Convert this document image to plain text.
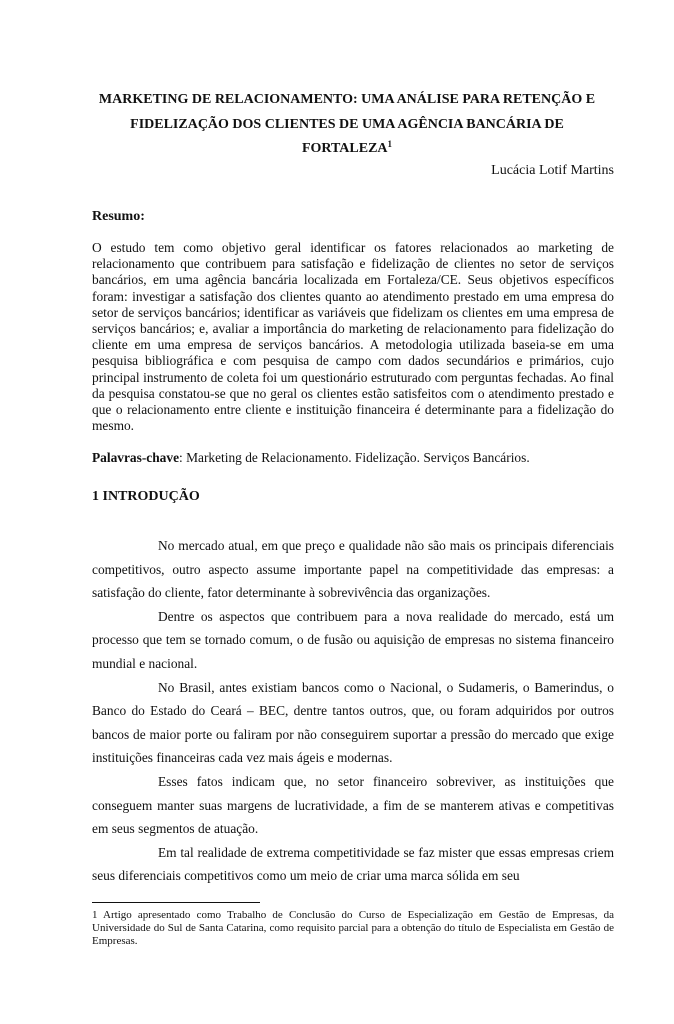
MARKETING DE RELACIONAMENTO: UMA ANÁLISE PARA RETENÇÃO E
FIDELIZAÇÃO DOS CLIENTES DE UMA AGÊNCIA BANCÁRIA DE
FORTALEZA$^1$
Lucácia Lotif Martins
Resumo:
O estudo tem como objetivo geral identificar os fatores relacionados ao marketing de relacionamento que contribuem para satisfação e fidelização de clientes no setor de serviços bancários, em uma agência bancária localizada em Fortaleza/CE. Seus objetivos específicos foram: investigar a satisfação dos clientes quanto ao atendimento prestado em uma empresa do setor de serviços bancários; identificar as variáveis que fidelizam os clientes em uma empresa de serviços bancários; e, avaliar a importância do marketing de relacionamento para fidelização do cliente em uma empresa de serviços bancários. A metodologia utilizada baseia-se em uma pesquisa bibliográfica e com pesquisa de campo com dados secundários e primários, cujo principal instrumento de coleta foi um questionário estruturado com perguntas fechadas. Ao final da pesquisa constatou-se que no geral os clientes estão satisfeitos com o atendimento prestado e que o relacionamento entre cliente e instituição financeira é determinante para a fidelização do mesmo.
Palavras-chave: Marketing de Relacionamento. Fidelização. Serviços Bancários.
1 INTRODUÇÃO

No mercado atual, em que preço e qualidade não são mais os principais diferenciais competitivos, outro aspecto assume importante papel na competitividade das empresas: a satisfação do cliente, fator determinante à sobrevivência das organizações.

Dentre os aspectos que contribuem para a nova realidade do mercado, está um processo que tem se tornado comum, o de fusão ou aquisição de empresas no sistema financeiro mundial e nacional.

No Brasil, antes existiam bancos como o Nacional, o Sudameris, o Bamerindus, o Banco do Estado do Ceará – BEC, dentre tantos outros, que, ou foram adquiridos por outros bancos de maior porte ou faliram por não conseguirem suportar a pressão do mercado que exige instituições financeiras cada vez mais ágeis e modernas.

Esses fatos indicam que, no setor financeiro sobreviver, as instituições que conseguem manter suas margens de lucratividade, a fim de se manterem ativas e competitivas em seus segmentos de atuação.

Em tal realidade de extrema competitividade se faz mister que essas empresas criem seus diferenciais competitivos como um meio de criar uma marca sólida em seu

1 Artigo apresentado como Trabalho de Conclusão do Curso de Especialização em Gestão de Empresas, da Universidade do Sul de Santa Catarina, como requisito parcial para a obtenção do título de Especialista em Gestão de Empresas.
